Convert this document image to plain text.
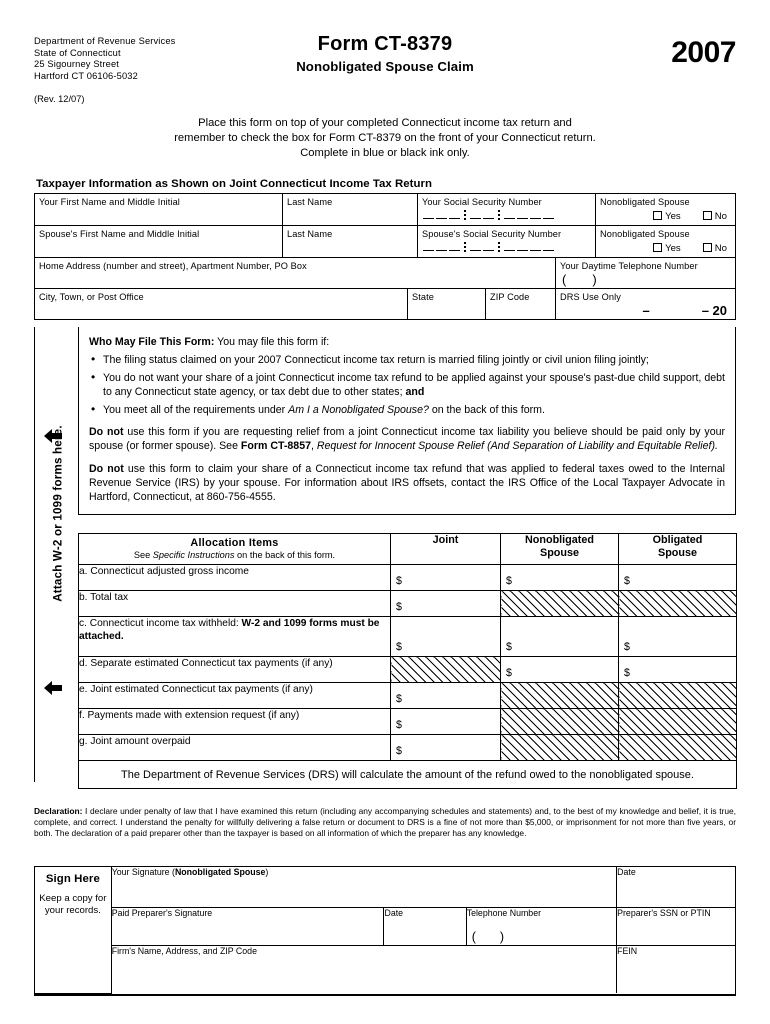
Department of Revenue Services
State of Connecticut
25 Sigourney Street
Hartford CT 06106-5032
(Rev. 12/07)
Form CT-8379
Nonobligated Spouse Claim	2007
Place this form on top of your completed Connecticut income tax return and
remember to check the box for Form CT-8379 on the front of your Connecticut return.
Complete in blue or black ink only.
Taxpayer Information as Shown on Joint Connecticut Income Tax Return
Your First Name and Middle Initial	Last Name	Your Social Security Number	Nonobligated Spouse
Yes	No
Spouse's First Name and Middle Initial	Last Name	Spouse's Social Security Number	Nonobligated Spouse
Yes	No
Home Address (number and street), Apartment Number, PO Box	Your Daytime Telephone Number
( )
City, Town, or Post Office	State	ZIP Code	DRS Use Only
–	– 20
Attach W-2 or 1099 forms here.
Who May File This Form: You may file this form if:
• The filing status claimed on your 2007 Connecticut income tax return is married filing jointly or civil union filing jointly;
• You do not want your share of a joint Connecticut income tax refund to be applied against your spouse's past-due child support, debt to any Connecticut state agency, or tax debt due to other states; and
• You meet all of the requirements under Am I a Nonobligated Spouse? on the back of this form.
Do not use this form if you are requesting relief from a joint Connecticut income tax liability you believe should be paid only by your spouse (or former spouse). See Form CT-8857, Request for Innocent Spouse Relief (And Separation of Liability and Equitable Relief).
Do not use this form to claim your share of a Connecticut income tax refund that was applied to federal taxes owed to the Internal Revenue Service (IRS) by your spouse. For information about IRS offsets, contact the IRS Office of the Local Taxpayer Advocate in Hartford, Connecticut, at 860-756-4555.
Allocation Items
See Specific Instructions on the back of this form.

Joint	Nonobligated
Spouse

Obligated
Spouse

a. Connecticut adjusted gross income	$	$	$

b. Total tax	$		

c. Connecticut income tax withheld: W-2 and 1099 forms must be attached.	$	$	$

d. Separate estimated Connecticut tax payments (if any)		$	$

e. Joint estimated Connecticut tax payments (if any)	$		

f. Payments made with extension request (if any)	$		

g. Joint amount overpaid	$		

The Department of Revenue Services (DRS) will calculate the amount of the refund owed to the nonobligated spouse.			
Declaration: I declare under penalty of law that I have examined this return (including any accompanying schedules and statements) and, to the best of my knowledge and belief, it is true, complete, and correct. I understand the penalty for willfully delivering a false return or document to DRS is a fine of not more than $5,000, or imprisonment for not more than five years, or both. The declaration of a paid preparer other than the taxpayer is based on all information of which the preparer has any knowledge.
Sign Here
Keep a copy for your records.	Your Signature (Nonobligated Spouse)			Date
	Paid Preparer's Signature	Date	Telephone Number
( )	Preparer's SSN or PTIN
	Firm's Name, Address, and ZIP Code			FEIN
